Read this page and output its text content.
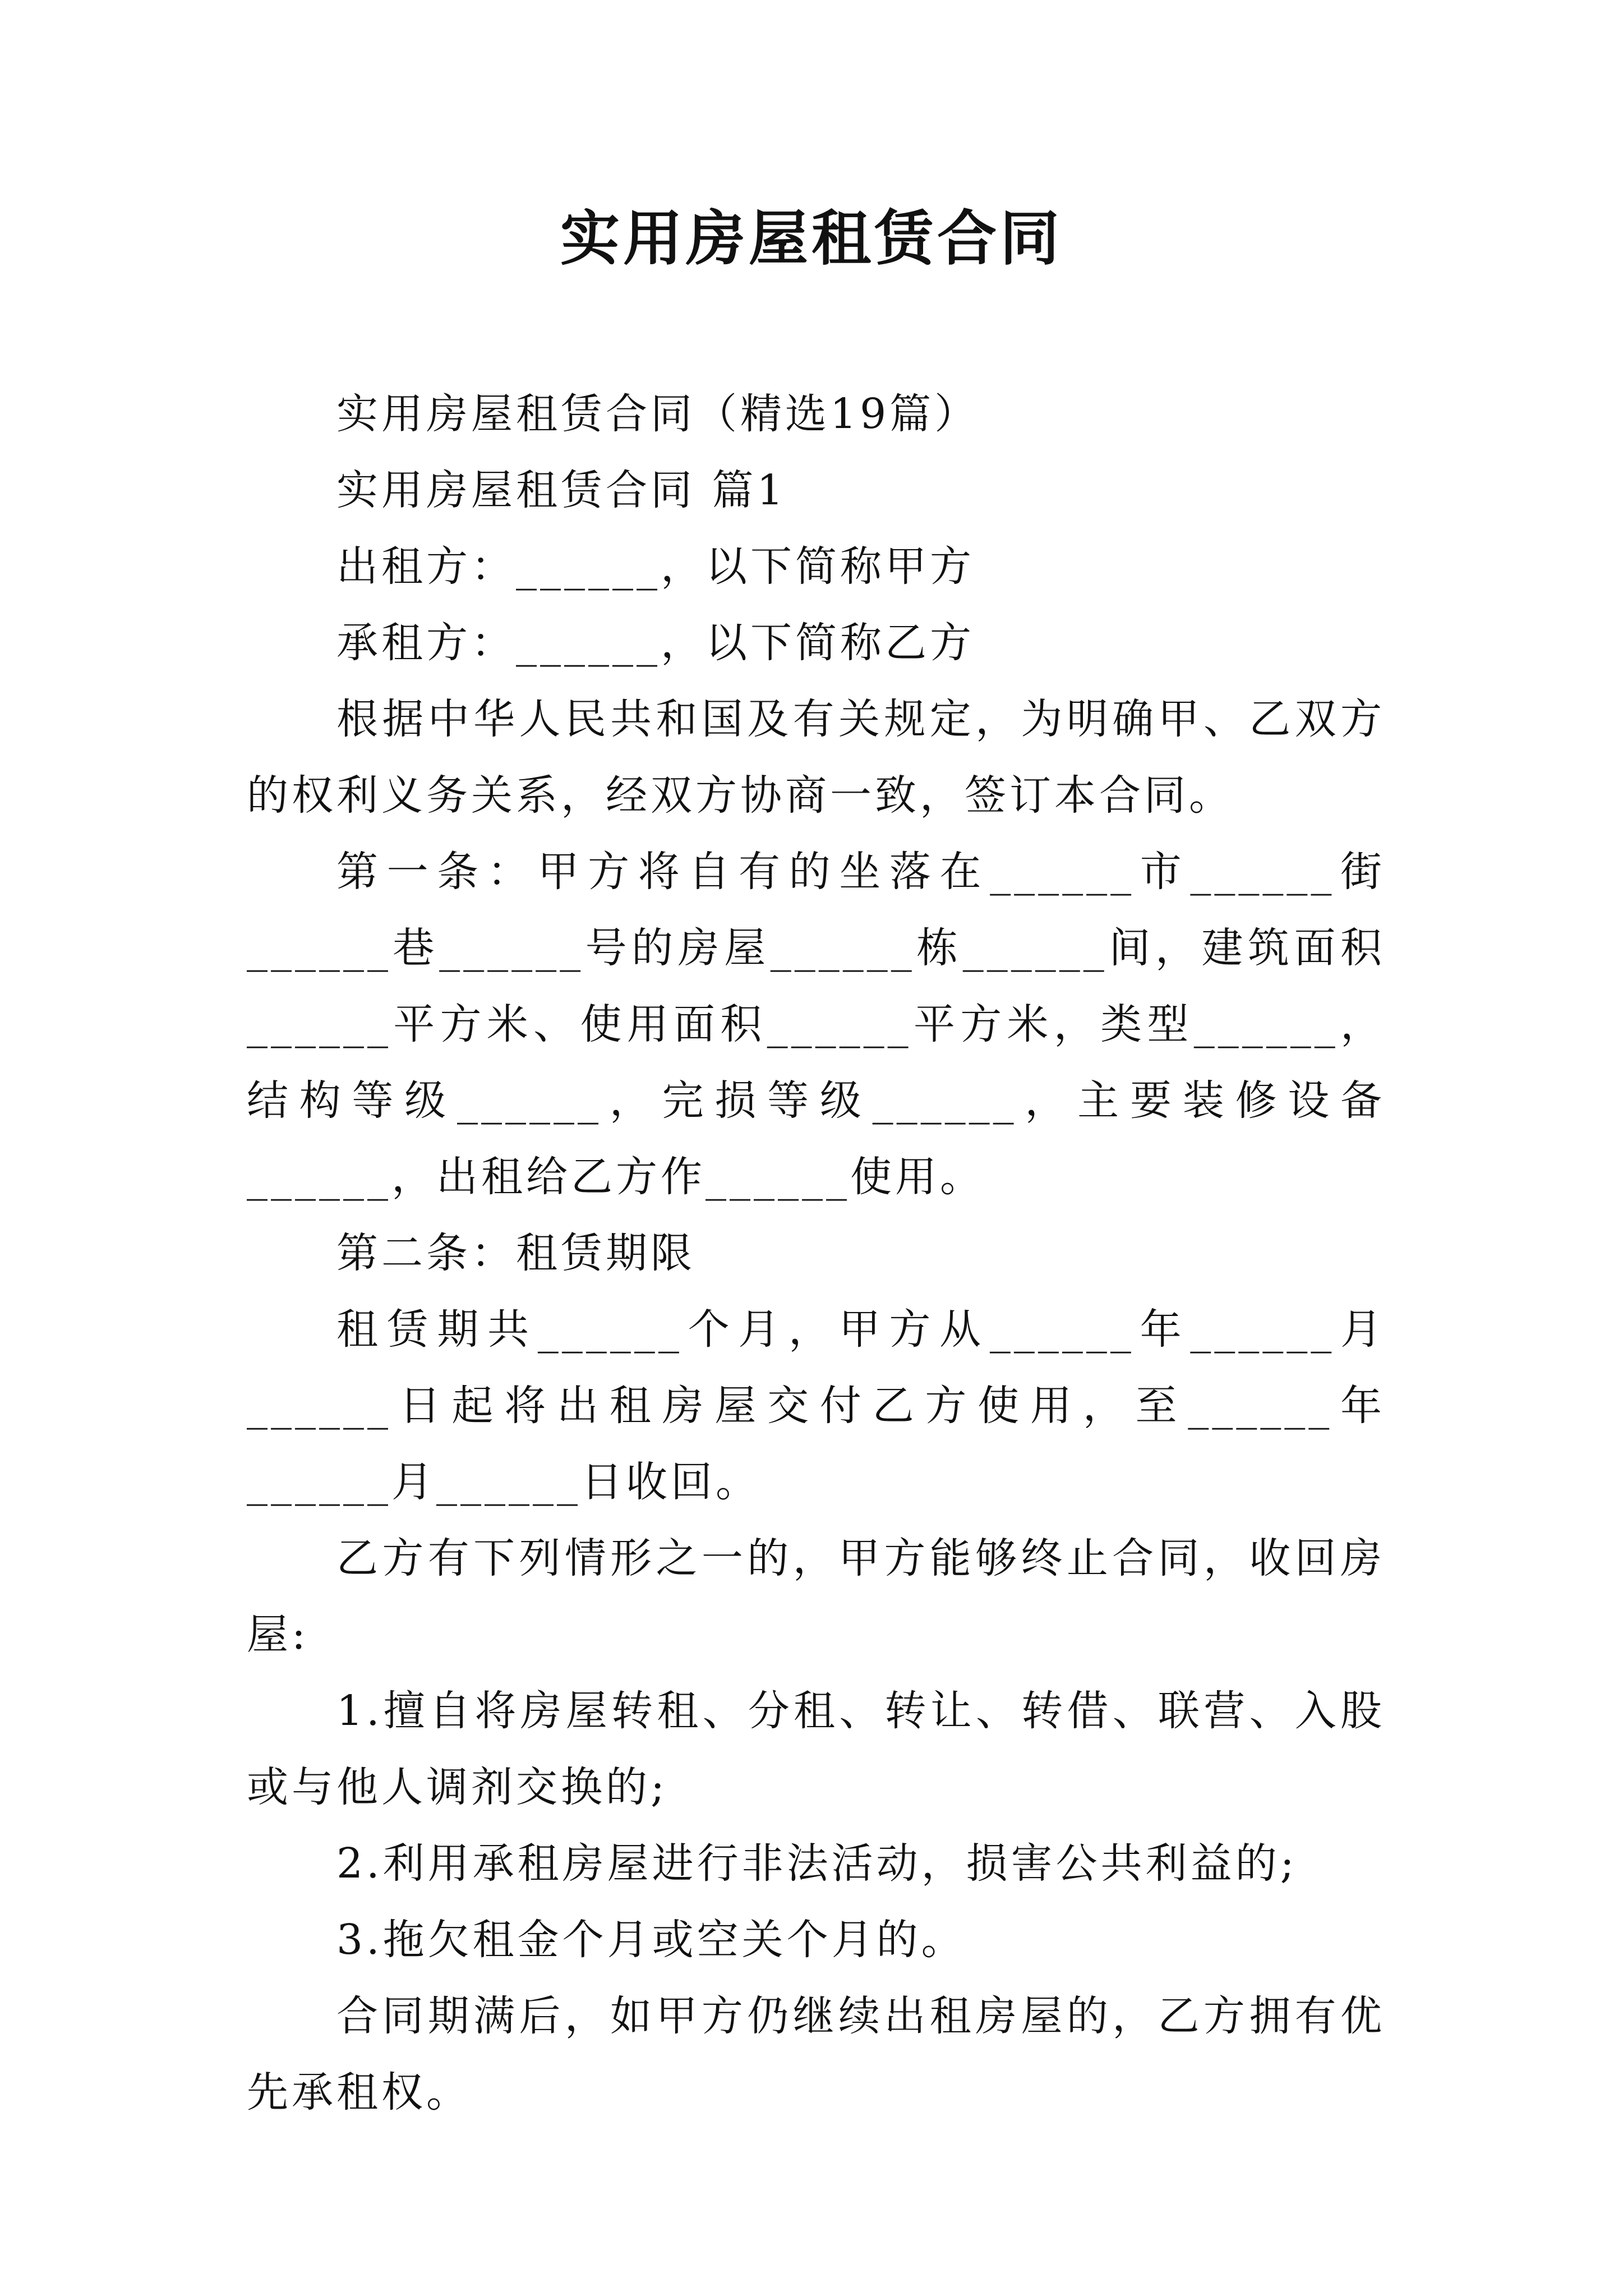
实用房屋租赁合同

实用房屋租赁合同（精选19篇）

实用房屋租赁合同 篇1

出租方：______，以下简称甲方

承租方：______，以下简称乙方

根据中华人民共和国及有关规定，为明确甲、乙双方的权利义务关系，经双方协商一致，签订本合同。

第一条：甲方将自有的坐落在______市______街______巷______号的房屋______栋______间，建筑面积______平方米、使用面积______平方米，类型______，结构等级______，完损等级______，主要装修设备______，出租给乙方作______使用。

第二条：租赁期限

租赁期共______个月，甲方从______年______月______日起将出租房屋交付乙方使用，至______年______月______日收回。

乙方有下列情形之一的，甲方能够终止合同，收回房屋:

1.擅自将房屋转租、分租、转让、转借、联营、入股或与他人调剂交换的;

2.利用承租房屋进行非法活动，损害公共利益的;

3.拖欠租金个月或空关个月的。

合同期满后，如甲方仍继续出租房屋的，乙方拥有优先承租权。
